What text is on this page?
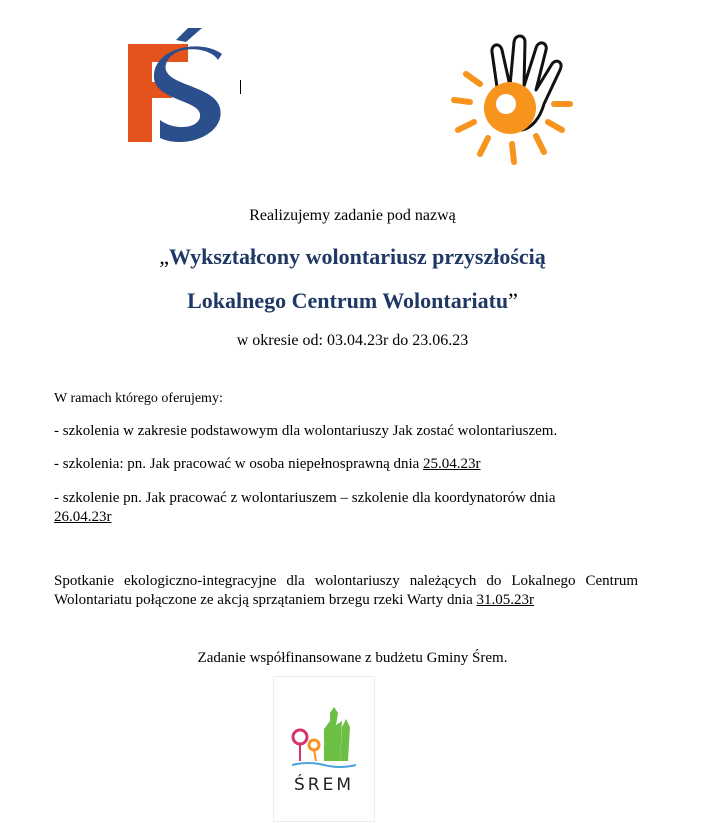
Realizujemy zadanie pod nazwą
„Wykształcony wolontariusz przyszłością
Lokalnego Centrum Wolontariatu”
w okresie od: 03.04.23r do 23.06.23
W ramach którego oferujemy:
- szkolenia w zakresie podstawowym dla wolontariuszy Jak zostać wolontariuszem.
- szkolenia: pn. Jak pracować w osoba niepełnosprawną dnia 25.04.23r
- szkolenie pn. Jak pracować z wolontariuszem – szkolenie dla koordynatorów dnia
26.04.23r
Spotkanie ekologiczno-integracyjne dla wolontariuszy należących do Lokalnego Centrum Wolontariatu połączone ze akcją sprzątaniem brzegu rzeki Warty dnia 31.05.23r
Zadanie współfinansowane z budżetu Gminy Śrem.
ŚREM
